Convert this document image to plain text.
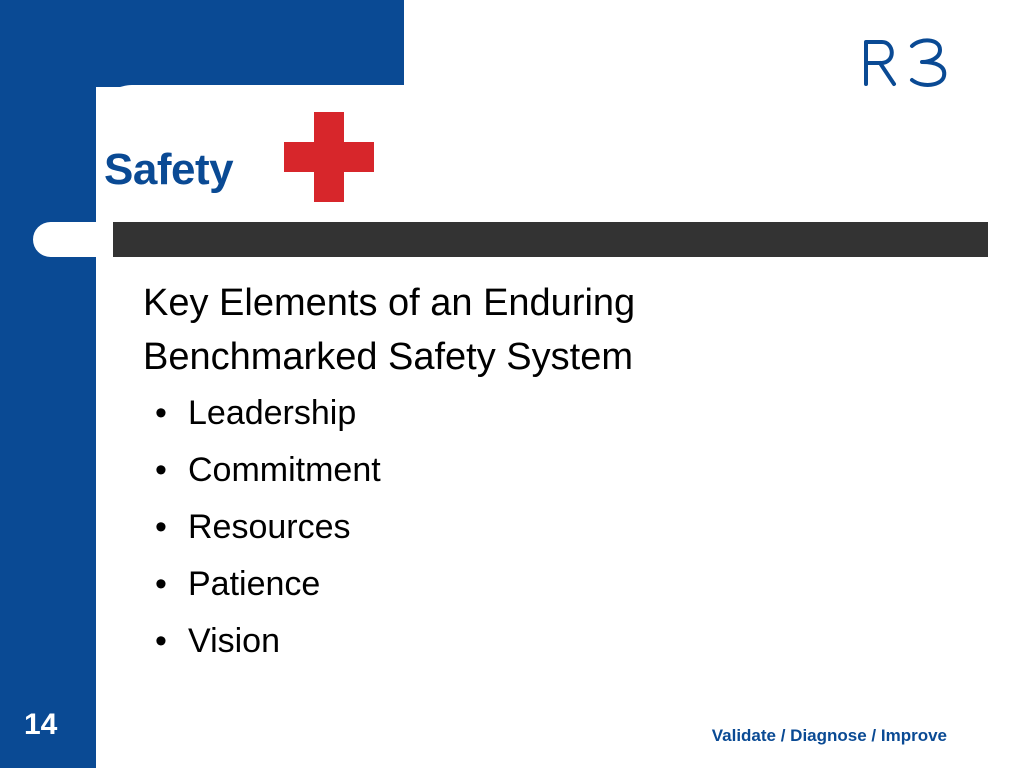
Safety
Key Elements of an Enduring
Benchmarked Safety System
• Leadership
• Commitment
• Resources
• Patience
• Vision
14	Validate / Diagnose / Improve
